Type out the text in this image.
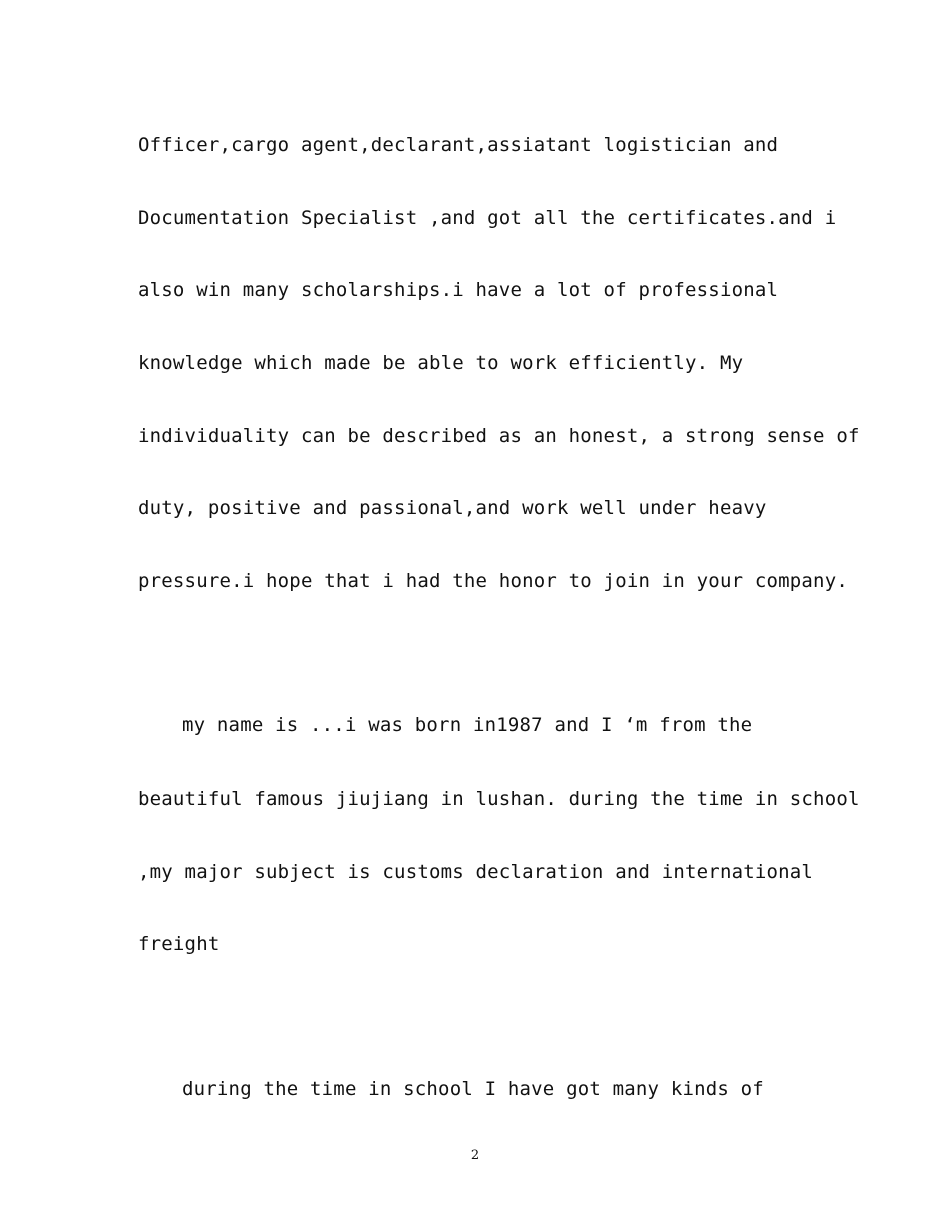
Officer,cargo agent,declarant,assiatant logistician and
Documentation Specialist ,and got all the certificates.and i
also win many scholarships.i have a lot of professional
knowledge which made be able to work efficiently. My
individuality can be described as an honest, a strong sense of
duty, positive and passional,and work well under heavy
pressure.i hope that i had the honor to join in your company.
my name is ...i was born in1987 and I ‘m from the
beautiful famous jiujiang in lushan. during the time in school
,my major subject is customs declaration and international
freight
during the time in school I have got many kinds of
2
